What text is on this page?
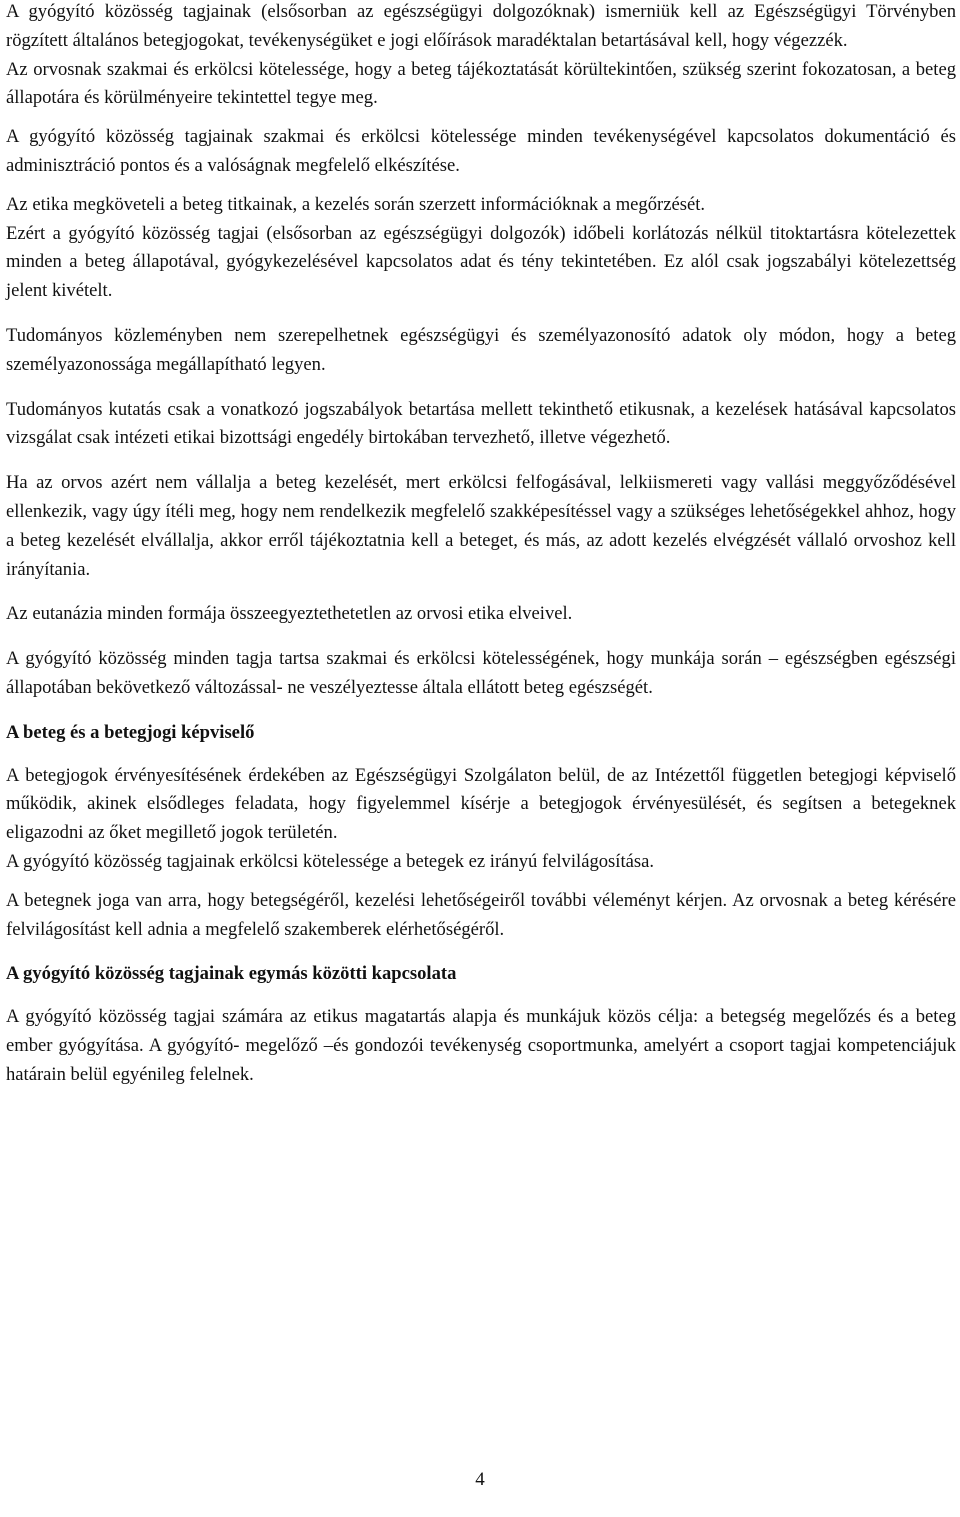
A gyógyító közösség tagjainak (elsősorban az egészségügyi dolgozóknak) ismerniük kell az Egészségügyi Törvényben rögzített általános betegjogokat, tevékenységüket e jogi előírások maradéktalan betartásával kell, hogy végezzék.

Az orvosnak szakmai és erkölcsi kötelessége, hogy a beteg tájékoztatását körültekintően, szükség szerint fokozatosan, a beteg állapotára és körülményeire tekintettel tegye meg.

A gyógyító közösség tagjainak szakmai és erkölcsi kötelessége minden tevékenységével kapcsolatos dokumentáció és adminisztráció pontos és a valóságnak megfelelő elkészítése.

Az etika megköveteli a beteg titkainak, a kezelés során szerzett információknak a megőrzését.

Ezért a gyógyító közösség tagjai (elsősorban az egészségügyi dolgozók) időbeli korlátozás nélkül titoktartásra kötelezettek minden a beteg állapotával, gyógykezelésével kapcsolatos adat és tény tekintetében. Ez alól csak jogszabályi kötelezettség jelent kivételt.

Tudományos közleményben nem szerepelhetnek egészségügyi és személyazonosító adatok oly módon, hogy a beteg személyazonossága megállapítható legyen.

Tudományos kutatás csak a vonatkozó jogszabályok betartása mellett tekinthető etikusnak, a kezelések hatásával kapcsolatos vizsgálat csak intézeti etikai bizottsági engedély birtokában tervezhető, illetve végezhető.

Ha az orvos azért nem vállalja a beteg kezelését, mert erkölcsi felfogásával, lelkiismereti vagy vallási meggyőződésével ellenkezik, vagy úgy ítéli meg, hogy nem rendelkezik megfelelő szakképesítéssel vagy a szükséges lehetőségekkel ahhoz, hogy a beteg kezelését elvállalja, akkor erről tájékoztatnia kell a beteget, és más, az adott kezelés elvégzését vállaló orvoshoz kell irányítania.

Az eutanázia minden formája összeegyeztethetetlen az orvosi etika elveivel.

A gyógyító közösség minden tagja tartsa szakmai és erkölcsi kötelességének, hogy munkája során – egészségben egészségi állapotában bekövetkező változással- ne veszélyeztesse általa ellátott beteg egészségét.

A beteg és a betegjogi képviselő

A betegjogok érvényesítésének érdekében az Egészségügyi Szolgálaton belül, de az Intézettől független betegjogi képviselő működik, akinek elsődleges feladata, hogy figyelemmel kísérje a betegjogok érvényesülését, és segítsen a betegeknek eligazodni az őket megillető jogok területén.

A gyógyító közösség tagjainak erkölcsi kötelessége a betegek ez irányú felvilágosítása.

A betegnek joga van arra, hogy betegségéről, kezelési lehetőségeiről további véleményt kérjen. Az orvosnak a beteg kérésére felvilágosítást kell adnia a megfelelő szakemberek elérhetőségéről.

A gyógyító közösség tagjainak egymás közötti kapcsolata

A gyógyító közösség tagjai számára az etikus magatartás alapja és munkájuk közös célja: a betegség megelőzés és a beteg ember gyógyítása. A gyógyító- megelőző –és gondozói tevékenység csoportmunka, amelyért a csoport tagjai kompetenciájuk határain belül egyénileg felelnek.

4
